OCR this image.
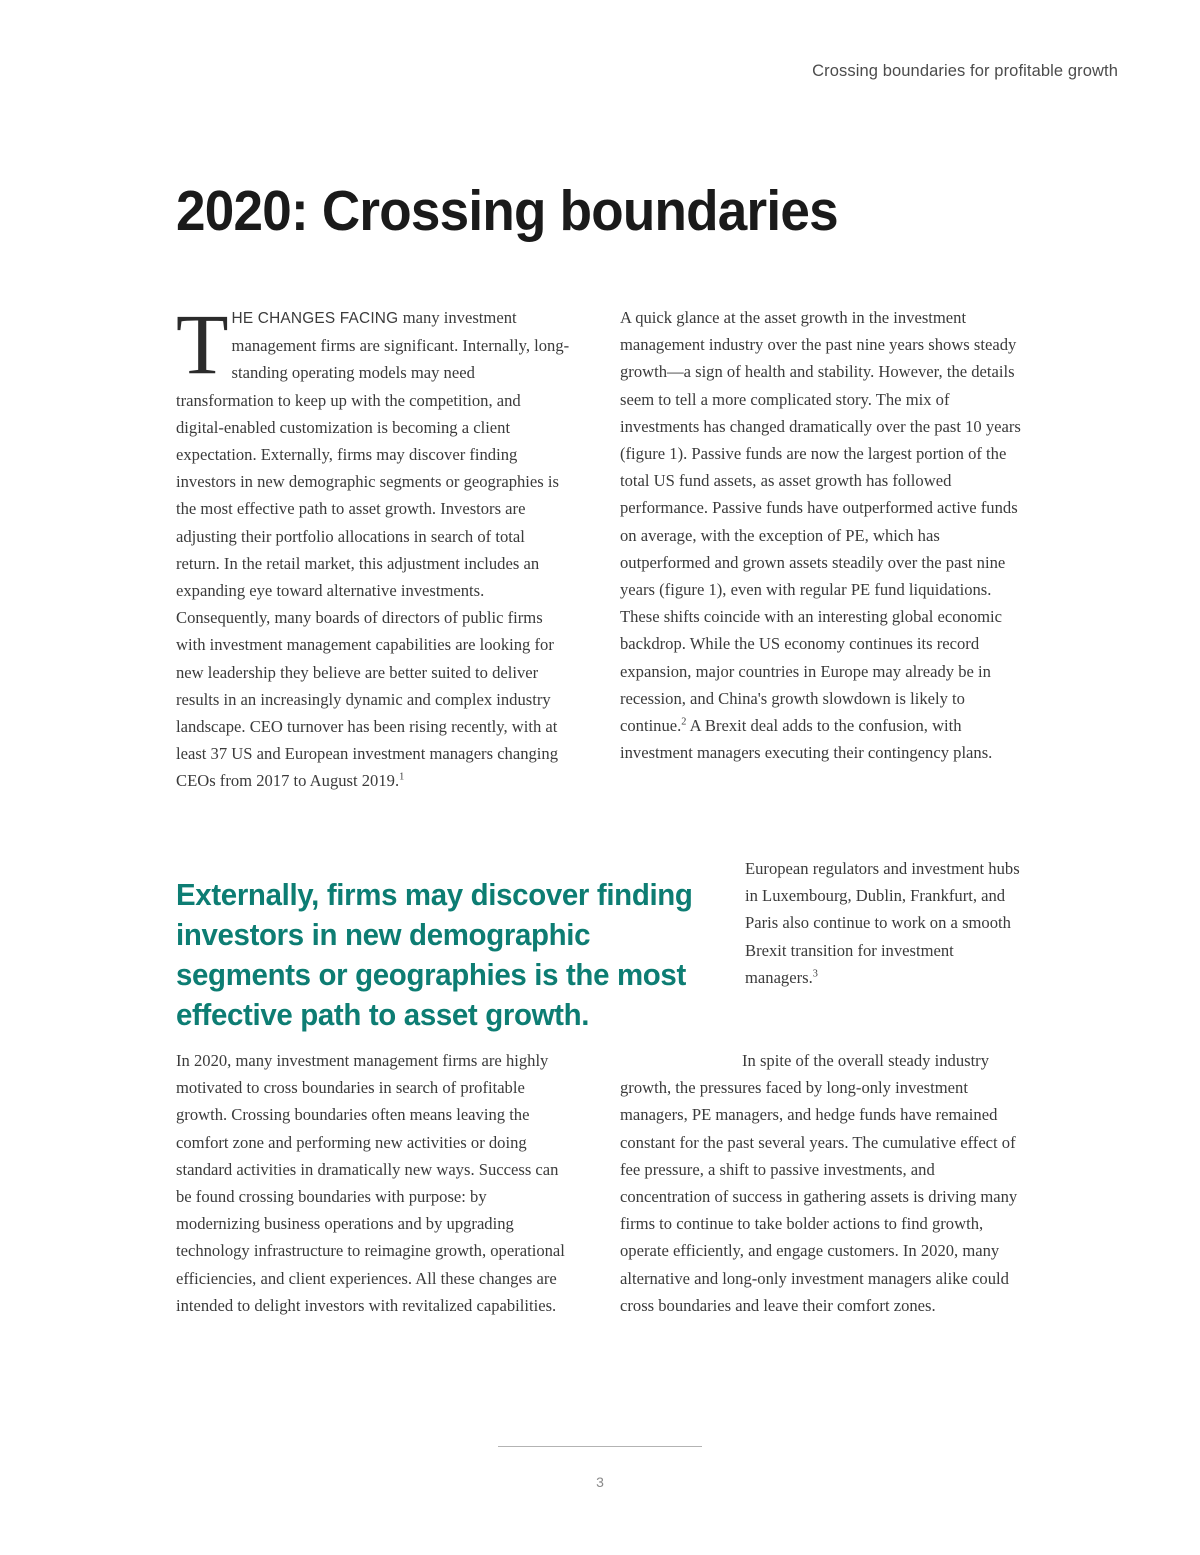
Crossing boundaries for profitable growth
2020: Crossing boundaries

THE CHANGES FACING many investment management firms are significant. Internally, long-standing operating models may need transformation to keep up with the competition, and digital-enabled customization is becoming a client expectation. Externally, firms may discover finding investors in new demographic segments or geographies is the most effective path to asset growth. Investors are adjusting their portfolio allocations in search of total return. In the retail market, this adjustment includes an expanding eye toward alternative investments. Consequently, many boards of directors of public firms with investment management capabilities are looking for new leadership they believe are better suited to deliver results in an increasingly dynamic and complex industry landscape. CEO turnover has been rising recently, with at least 37 US and European investment managers changing CEOs from 2017 to August 2019.$^1$

A quick glance at the asset growth in the investment management industry over the past nine years shows steady growth—a sign of health and stability. However, the details seem to tell a more complicated story. The mix of investments has changed dramatically over the past 10 years (figure 1). Passive funds are now the largest portion of the total US fund assets, as asset growth has followed performance. Passive funds have outperformed active funds on average, with the exception of PE, which has outperformed and grown assets steadily over the past nine years (figure 1), even with regular PE fund liquidations. These shifts coincide with an interesting global economic backdrop. While the US economy continues its record expansion, major countries in Europe may already be in recession, and China's growth slowdown is likely to continue.$^2$ A Brexit deal adds to the confusion, with investment managers executing their contingency plans.

Externally, firms may discover finding investors in new demographic segments or geographies is the most effective path to asset growth.
European regulators and investment hubs in Luxembourg, Dublin, Frankfurt, and Paris also continue to work on a smooth Brexit transition for investment managers.$^3$
In 2020, many investment management firms are highly motivated to cross boundaries in search of profitable growth. Crossing boundaries often means leaving the comfort zone and performing new activities or doing standard activities in dramatically new ways. Success can be found crossing boundaries with purpose: by modernizing business operations and by upgrading technology infrastructure to reimagine growth, operational efficiencies, and client experiences. All these changes are intended to delight investors with revitalized capabilities.
In spite of the overall steady industry growth, the pressures faced by long-only investment managers, PE managers, and hedge funds have remained constant for the past several years. The cumulative effect of fee pressure, a shift to passive investments, and concentration of success in gathering assets is driving many firms to continue to take bolder actions to find growth, operate efficiently, and engage customers. In 2020, many alternative and long-only investment managers alike could cross boundaries and leave their comfort zones.
3
